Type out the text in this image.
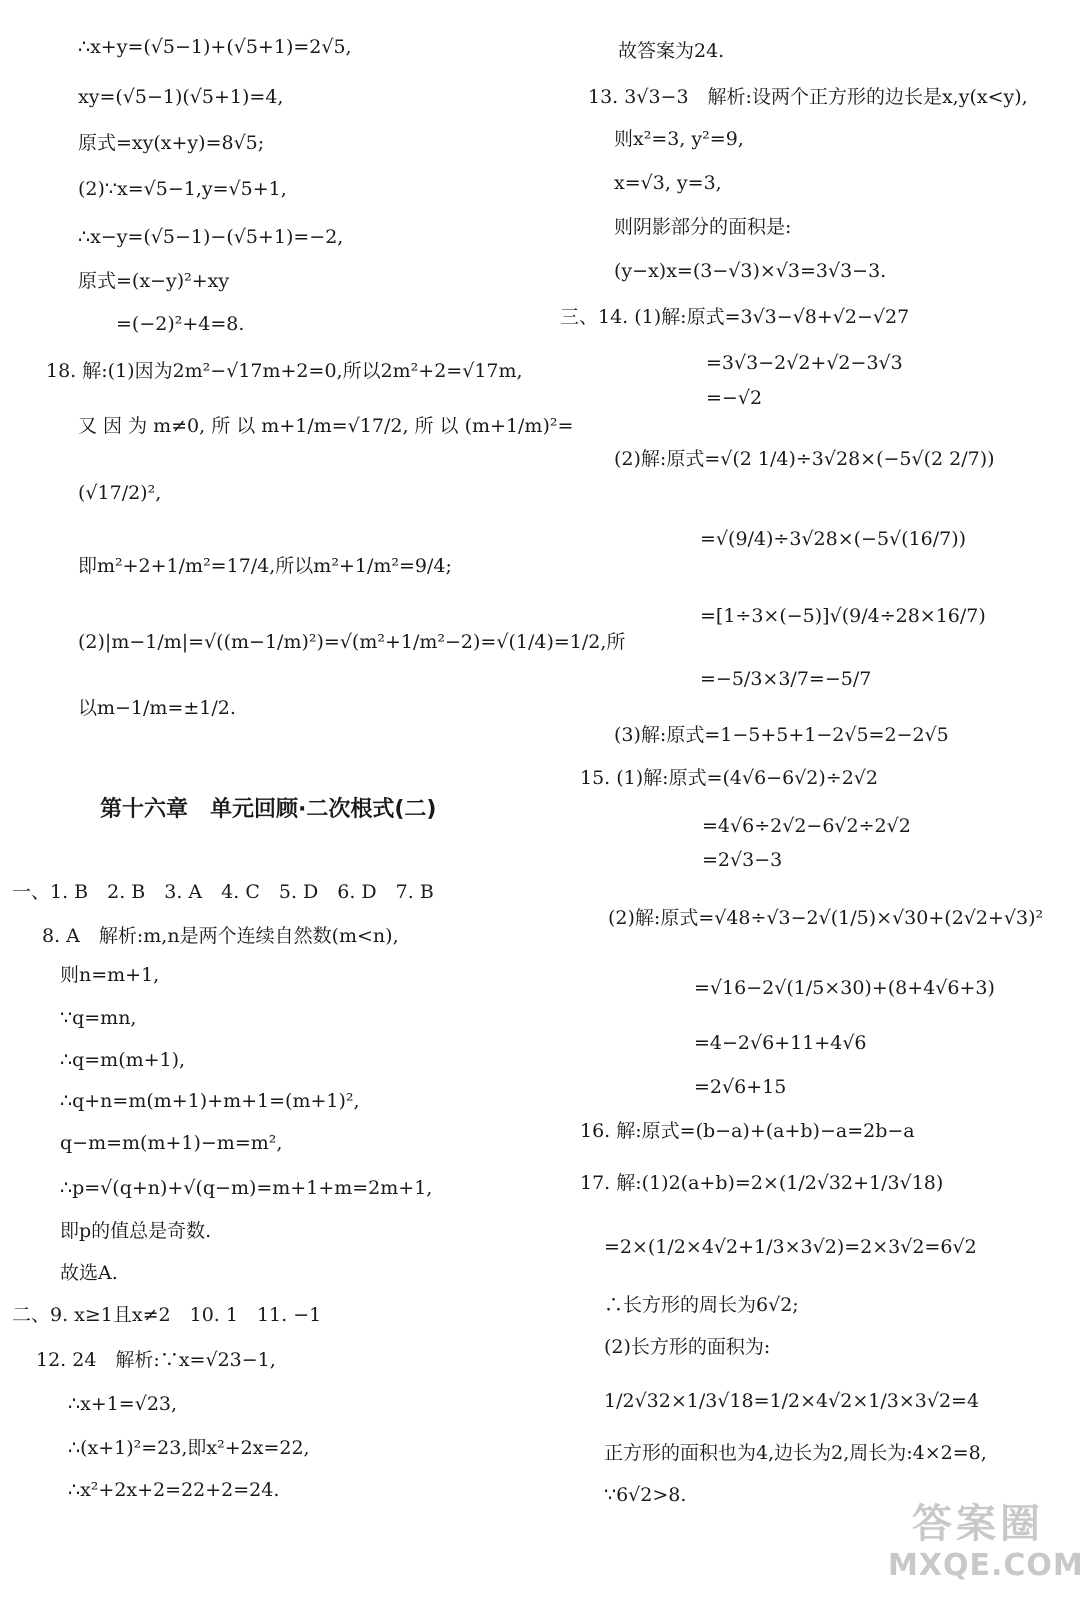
∴x+y=(√5−1)+(√5+1)=2√5,
xy=(√5−1)(√5+1)=4,
原式=xy(x+y)=8√5;
(2)∵x=√5−1,y=√5+1,
∴x−y=(√5−1)−(√5+1)=−2,
原式=(x−y)²+xy
=(−2)²+4=8.
18. 解:(1)因为2m²−√17m+2=0,所以2m²+2=√17m,
又 因 为 m≠0, 所 以 m+1/m=√17/2, 所 以 (m+1/m)²=
(√17/2)²,
即m²+2+1/m²=17/4,所以m²+1/m²=9/4;
(2)|m−1/m|=√((m−1/m)²)=√(m²+1/m²−2)=√(1/4)=1/2,所
以m−1/m=±1/2.
第十六章　单元回顾·二次根式(二)
一、1. B　2. B　3. A　4. C　5. D　6. D　7. B
8. A　解析:m,n是两个连续自然数(m<n),
则n=m+1,
∵q=mn,
∴q=m(m+1),
∴q+n=m(m+1)+m+1=(m+1)²,
q−m=m(m+1)−m=m²,
∴p=√(q+n)+√(q−m)=m+1+m=2m+1,
即p的值总是奇数.
故选A.
二、9. x≥1且x≠2　10. 1　11. −1
12. 24　解析:∵x=√23−1,
∴x+1=√23,
∴(x+1)²=23,即x²+2x=22,
∴x²+2x+2=22+2=24.
故答案为24.
13. 3√3−3　解析:设两个正方形的边长是x,y(x<y),
则x²=3, y²=9,
x=√3, y=3,
则阴影部分的面积是:
(y−x)x=(3−√3)×√3=3√3−3.
三、14. (1)解:原式=3√3−√8+√2−√27
=3√3−2√2+√2−3√3
=−√2
(2)解:原式=√(2 1/4)÷3√28×(−5√(2 2/7))
=√(9/4)÷3√28×(−5√(16/7))
=[1÷3×(−5)]√(9/4÷28×16/7)
=−5/3×3/7=−5/7
(3)解:原式=1−5+5+1−2√5=2−2√5
15. (1)解:原式=(4√6−6√2)÷2√2
=4√6÷2√2−6√2÷2√2
=2√3−3
(2)解:原式=√48÷√3−2√(1/5)×√30+(2√2+√3)²
=√16−2√(1/5×30)+(8+4√6+3)
=4−2√6+11+4√6
=2√6+15
16. 解:原式=(b−a)+(a+b)−a=2b−a
17. 解:(1)2(a+b)=2×(1/2√32+1/3√18)
=2×(1/2×4√2+1/3×3√2)=2×3√2=6√2
∴长方形的周长为6√2;
(2)长方形的面积为:
1/2√32×1/3√18=1/2×4√2×1/3×3√2=4
正方形的面积也为4,边长为2,周长为:4×2=8,
∵6√2>8.
答案圈
MXQE.COM
